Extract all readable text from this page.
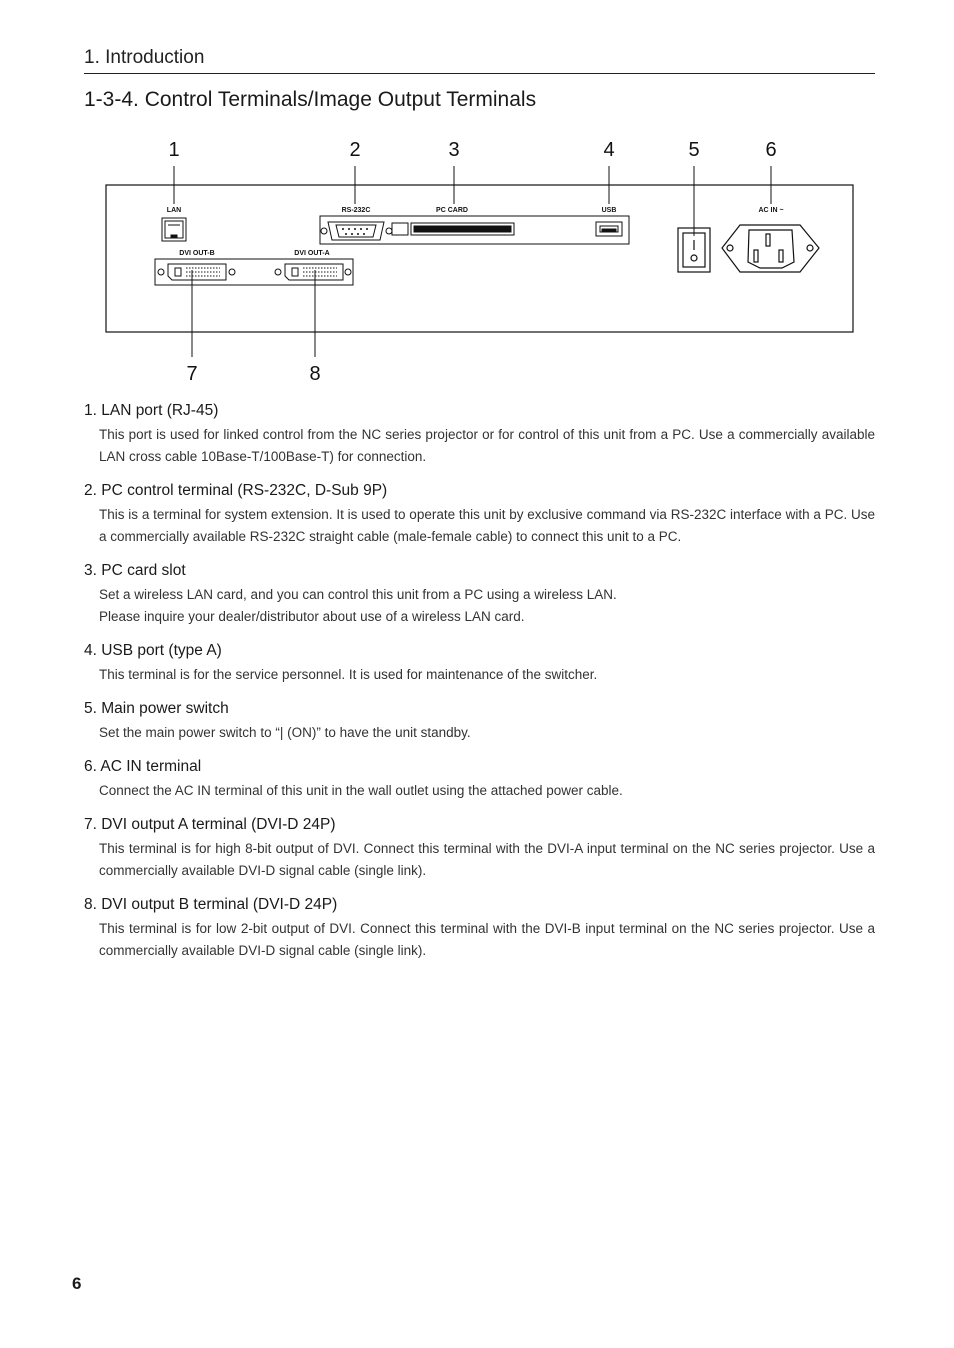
1. Introduction
1-3-4. Control Terminals/Image Output Terminals
1	2	3	4	5	6
7	8
LAN	RS-232C	PC CARD	USB	AC IN ~
DVI OUT-B	DVI OUT-A
1. LAN port (RJ-45)

This port is used for linked control from the NC series projector or for control of this unit from a PC. Use a commercially available LAN cross cable 10Base-T/100Base-T) for connection.

2. PC control terminal (RS-232C, D-Sub 9P)

This is a terminal for system extension. It is used to operate this unit by exclusive command via RS-232C interface with a PC. Use a commercially available RS-232C straight cable (male-female cable) to connect this unit to a PC.

3. PC card slot

Set a wireless LAN card, and you can control this unit from a PC using a wireless LAN.

Please inquire your dealer/distributor about use of a wireless LAN card.

4. USB port (type A)

This terminal is for the service personnel. It is used for maintenance of the switcher.

5. Main power switch

Set the main power switch to “| (ON)” to have the unit standby.

6. AC IN terminal

Connect the AC IN terminal of this unit in the wall outlet using the attached power cable.

7. DVI output A terminal (DVI-D 24P)

This terminal is for high 8-bit output of DVI. Connect this terminal with the DVI-A input terminal on the NC series projector. Use a commercially available DVI-D signal cable (single link).

8. DVI output B terminal (DVI-D 24P)

This terminal is for low 2-bit output of DVI. Connect this terminal with the DVI-B input terminal on the NC series projector. Use a commercially available DVI-D signal cable (single link).

6
